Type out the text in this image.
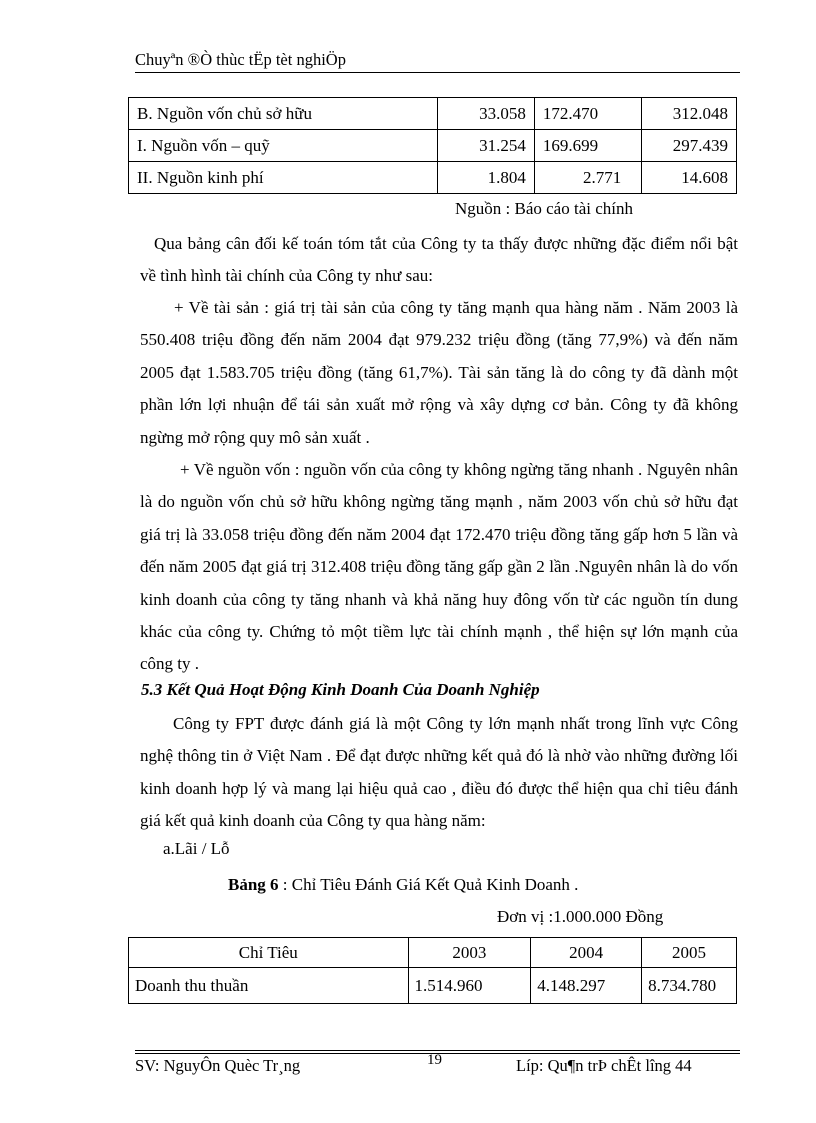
Chuyªn ®Ò thùc tËp tèt nghiÖp
B. Nguồn vốn chủ sở hữu	33.058	172.470	312.048
I. Nguồn vốn – quỹ	31.254	169.699	297.439
II. Nguồn kinh phí	1.804	2.771	14.608
Nguồn : Báo cáo tài chính
Qua bảng cân đối kế toán tóm tắt của Công ty ta thấy được những đặc điểm nổi bật về tình hình tài chính của Công ty như sau:
+ Về tài sản : giá trị tài sản của công ty tăng mạnh qua hàng năm . Năm 2003 là 550.408 triệu đồng đến năm 2004 đạt 979.232 triệu đồng (tăng 77,9%) và đến năm 2005 đạt 1.583.705 triệu đồng (tăng 61,7%). Tài sản tăng là do công ty đã dành một phần lớn lợi nhuận để tái sản xuất mở rộng và xây dựng cơ bản. Công ty đã không ngừng mở rộng quy mô sản xuất .
+ Về nguồn vốn : nguồn vốn của công ty không ngừng tăng nhanh . Nguyên nhân là do nguồn vốn chủ sở hữu không ngừng tăng mạnh , năm 2003 vốn chủ sở hữu đạt giá trị là 33.058 triệu đồng đến năm 2004 đạt 172.470 triệu đồng tăng gấp hơn 5 lần và đến năm 2005 đạt giá trị 312.408 triệu đồng tăng gấp gần 2 lần .Nguyên nhân là do vốn kinh doanh của công ty tăng nhanh và khả năng huy đông vốn từ các nguồn tín dung khác của công ty. Chứng tỏ một tiềm lực tài chính mạnh , thể hiện sự lớn mạnh của công ty .
5.3 Kết Quả Hoạt Động Kinh Doanh Của Doanh Nghiệp
Công ty FPT được đánh giá là một Công ty lớn mạnh nhất trong lĩnh vực Công nghệ thông tin ở Việt Nam . Để đạt được những kết quả đó là nhờ vào những đường lối kinh doanh hợp lý và mang lại hiệu quả cao , điều đó được thể hiện qua chỉ tiêu đánh giá kết quả kinh doanh của Công ty qua hàng năm:
a.Lãi / Lỗ
Bảng 6 : Chỉ Tiêu Đánh Giá Kết Quả Kinh Doanh .
Đơn vị :1.000.000 Đồng
Chỉ Tiêu	2003	2004	2005
Doanh thu thuần	1.514.960	4.148.297	8.734.780
SV: NguyÔn Quèc Tr¸ng	19	Líp: Qu¶n trÞ chÊt lîng 44
